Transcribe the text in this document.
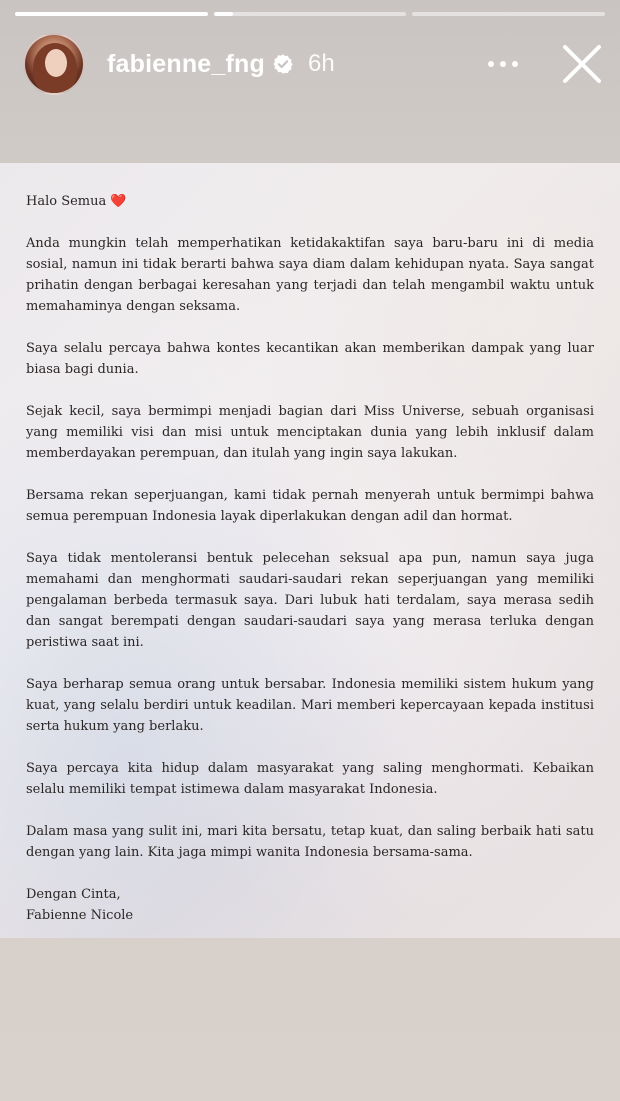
fabienne_fng 6h

Halo Semua ❤️

Anda mungkin telah memperhatikan ketidakaktifan saya baru-baru ini di media sosial, namun ini tidak berarti bahwa saya diam dalam kehidupan nyata. Saya sangat prihatin dengan berbagai keresahan yang terjadi dan telah mengambil waktu untuk memahaminya dengan seksama.

Saya selalu percaya bahwa kontes kecantikan akan memberikan dampak yang luar biasa bagi dunia.

Sejak kecil, saya bermimpi menjadi bagian dari Miss Universe, sebuah organisasi yang memiliki visi dan misi untuk menciptakan dunia yang lebih inklusif dalam memberdayakan perempuan, dan itulah yang ingin saya lakukan.

Bersama rekan seperjuangan, kami tidak pernah menyerah untuk bermimpi bahwa semua perempuan Indonesia layak diperlakukan dengan adil dan hormat.

Saya tidak mentoleransi bentuk pelecehan seksual apa pun, namun saya juga memahami dan menghormati saudari-saudari rekan seperjuangan yang memiliki pengalaman berbeda termasuk saya. Dari lubuk hati terdalam, saya merasa sedih dan sangat berempati dengan saudari-saudari saya yang merasa terluka dengan peristiwa saat ini.

Saya berharap semua orang untuk bersabar. Indonesia memiliki sistem hukum yang kuat, yang selalu berdiri untuk keadilan. Mari memberi kepercayaan kepada institusi serta hukum yang berlaku.

Saya percaya kita hidup dalam masyarakat yang saling menghormati. Kebaikan selalu memiliki tempat istimewa dalam masyarakat Indonesia.

Dalam masa yang sulit ini, mari kita bersatu, tetap kuat, dan saling berbaik hati satu dengan yang lain. Kita jaga mimpi wanita Indonesia bersama-sama.

Dengan Cinta,

Fabienne Nicole
